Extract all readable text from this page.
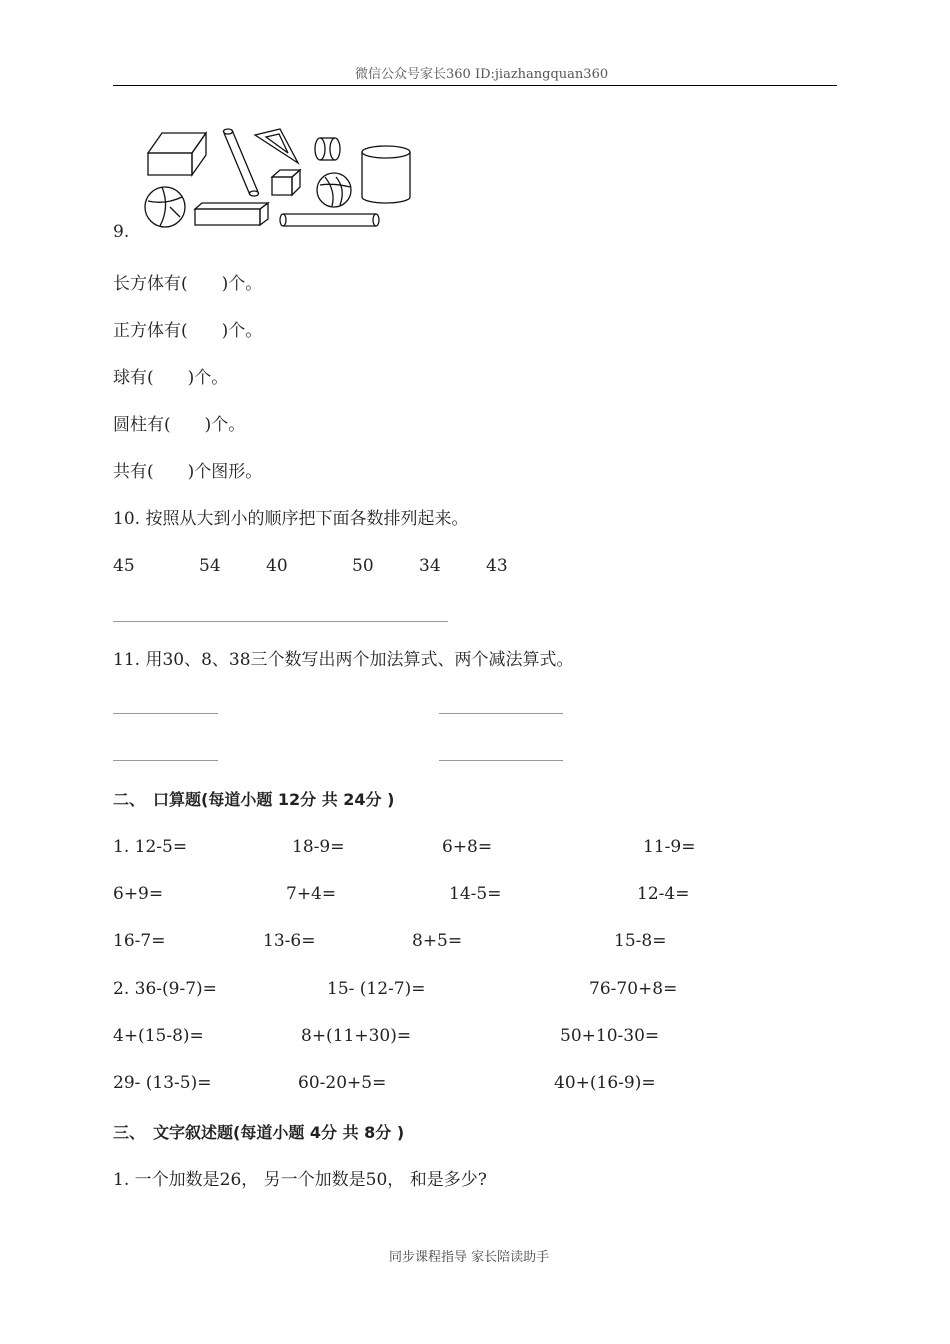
微信公众号家长360 ID:jiazhangquan360
9.
长方体有(　　)个。
正方体有(　　)个。
球有(　　)个。
圆柱有(　　)个。
共有(　　)个图形。
10. 按照从大到小的顺序把下面各数排列起来。
45	54	40	50	34	43
11. 用30、8、38三个数写出两个加法算式、两个减法算式。
二、　口算题(每道小题 12分 共 24分 )
1. 12-5=	18-9=	6+8=	11-9=
6+9=	7+4=	14-5=	12-4=
16-7=	13-6=	8+5=	15-8=
2. 36-(9-7)=	15- (12-7)=	76-70+8=
4+(15-8)=	8+(11+30)=	50+10-30=
29- (13-5)=	60-20+5=	40+(16-9)=
三、　文字叙述题(每道小题 4分 共 8分 )
1. 一个加数是26， 另一个加数是50， 和是多少?
同步课程指导 家长陪读助手
